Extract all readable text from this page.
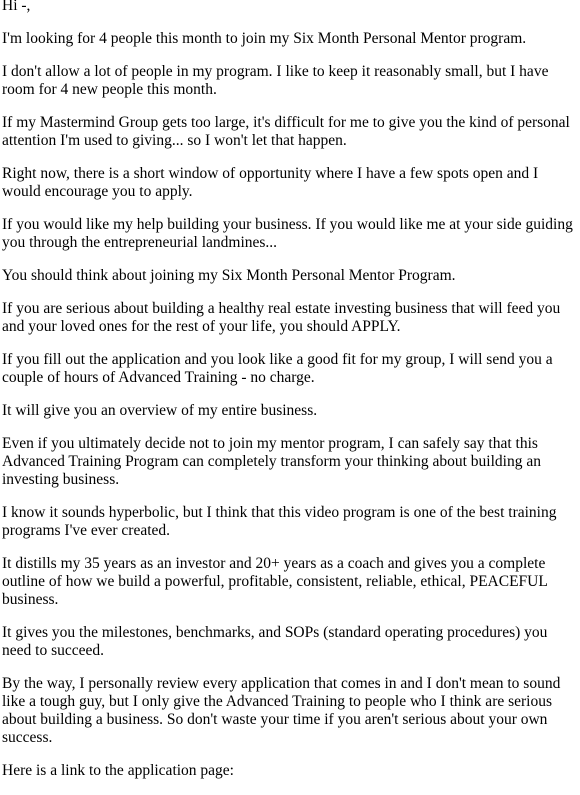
Hi -,

I'm looking for 4 people this month to join my Six Month Personal Mentor program.

I don't allow a lot of people in my program. I like to keep it reasonably small, but I have room for 4 new people this month.

If my Mastermind Group gets too large, it's difficult for me to give you the kind of personal attention I'm used to giving... so I won't let that happen.

Right now, there is a short window of opportunity where I have a few spots open and I would encourage you to apply.

If you would like my help building your business. If you would like me at your side guiding you through the entrepreneurial landmines...

You should think about joining my Six Month Personal Mentor Program.

If you are serious about building a healthy real estate investing business that will feed you and your loved ones for the rest of your life, you should APPLY.

If you fill out the application and you look like a good fit for my group, I will send you a couple of hours of Advanced Training - no charge.

It will give you an overview of my entire business.

Even if you ultimately decide not to join my mentor program, I can safely say that this Advanced Training Program can completely transform your thinking about building an investing business.

I know it sounds hyperbolic, but I think that this video program is one of the best training programs I've ever created.

It distills my 35 years as an investor and 20+ years as a coach and gives you a complete outline of how we build a powerful, profitable, consistent, reliable, ethical, PEACEFUL business.

It gives you the milestones, benchmarks, and SOPs (standard operating procedures) you need to succeed.

By the way, I personally review every application that comes in and I don't mean to sound like a tough guy, but I only give the Advanced Training to people who I think are serious about building a business. So don't waste your time if you aren't serious about your own success.

Here is a link to the application page:
